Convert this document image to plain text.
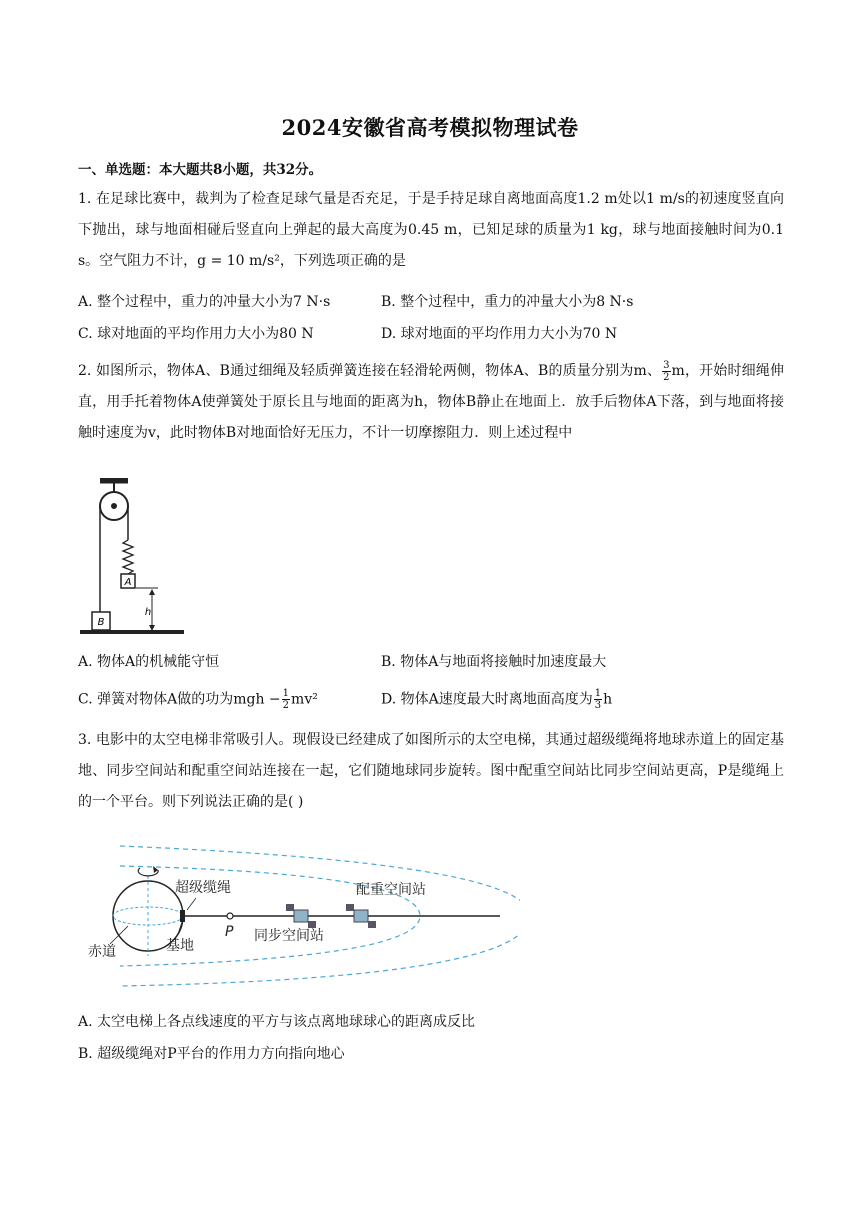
2024安徽省高考模拟物理试卷
一、单选题：本大题共8小题，共32分。
1. 在足球比赛中，裁判为了检查足球气量是否充足，于是手持足球自离地面高度1.2 m处以1 m/s的初速度竖直向下抛出，球与地面相碰后竖直向上弹起的最大高度为0.45 m，已知足球的质量为1 kg，球与地面接触时间为0.1 s。空气阻力不计，g = 10 m/s²，下列选项正确的是
A. 整个过程中，重力的冲量大小为7 N·s	B. 整个过程中，重力的冲量大小为8 N·s
C. 球对地面的平均作用力大小为80 N	D. 球对地面的平均作用力大小为70 N
2. 如图所示，物体A、B通过细绳及轻质弹簧连接在轻滑轮两侧，物体A、B的质量分别为m、 $\frac{3}{2}$ m，开始时细绳伸直，用手托着物体A使弹簧处于原长且与地面的距离为h，物体B静止在地面上．放手后物体A下落，到与地面将接触时速度为v，此时物体B对地面恰好无压力，不计一切摩擦阻力．则上述过程中
A
B
h
A. 物体A的机械能守恒	B. 物体A与地面将接触时加速度最大
C. 弹簧对物体A做的功为mgh − $\frac{1}{2} mv^2$	D. 物体A速度最大时离地面高度为 $\frac{1}{3}$ h
3. 电影中的太空电梯非常吸引人。现假设已经建成了如图所示的太空电梯，其通过超级缆绳将地球赤道上的固定基地、同步空间站和配重空间站连接在一起，它们随地球同步旋转。图中配重空间站比同步空间站更高，P是缆绳上的一个平台。则下列说法正确的是( )
超级缆绳	配重空间站
P 同步空间站
赤道	基地
A. 太空电梯上各点线速度的平方与该点离地球球心的距离成反比
B. 超级缆绳对P平台的作用力方向指向地心
